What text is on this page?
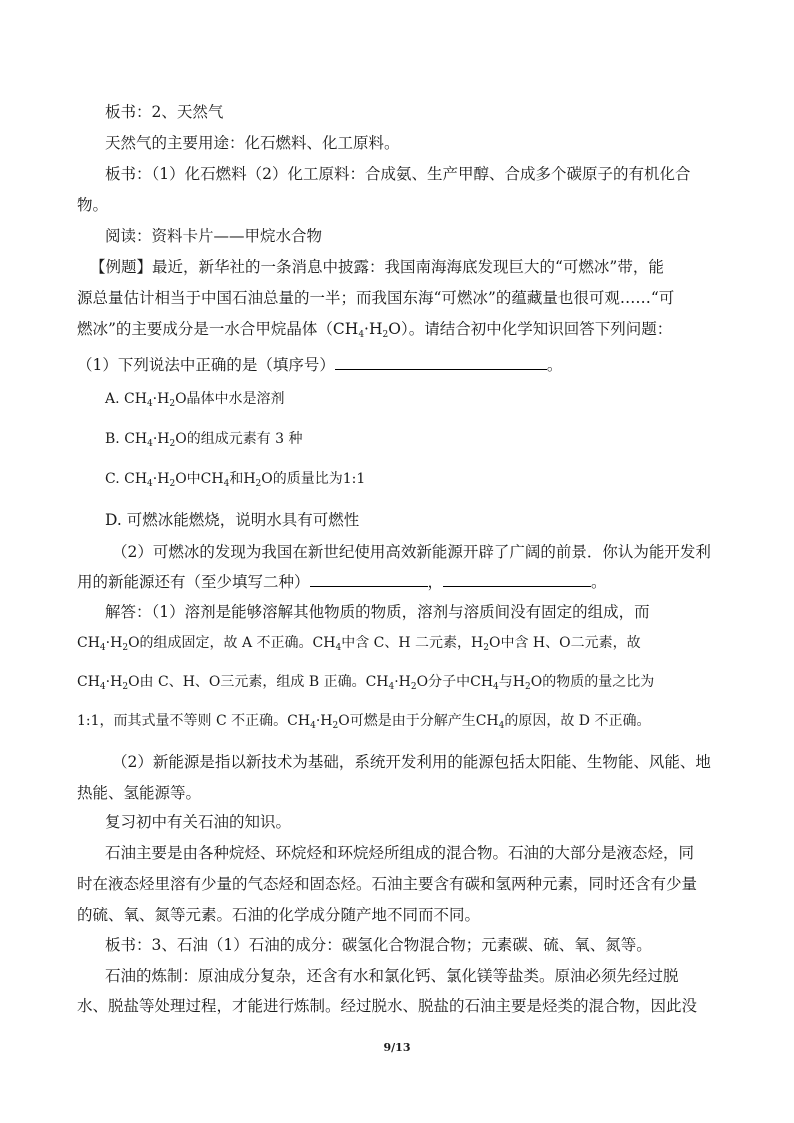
板书：2、天然气
天然气的主要用途：化石燃料、化工原料。
板书：（1）化石燃料（2）化工原料：合成氨、生产甲醇、合成多个碳原子的有机化合
物。
阅读：资料卡片——甲烷水合物
【例题】最近，新华社的一条消息中披露：我国南海海底发现巨大的“可燃冰”带，能
源总量估计相当于中国石油总量的一半；而我国东海“可燃冰”的蕴藏量也很可观……“可
燃冰”的主要成分是一水合甲烷晶体$(CH_4\cdot H_2O)$。请结合初中化学知识回答下列问题：
（1）下列说法中正确的是（填序号）	。
A. $CH_4\cdot H_2O$晶体中水是溶剂
B. $CH_4\cdot H_2O$的组成元素有 3 种
C. $CH_4\cdot H_2O$中$CH_4$和$H_2O$的质量比为1:1
D. 可燃冰能燃烧，说明水具有可燃性
（2）可燃冰的发现为我国在新世纪使用高效新能源开辟了广阔的前景．你认为能开发利
用的新能源还有（至少填写二种）	，	。
解答：（1）溶剂是能够溶解其他物质的物质，溶剂与溶质间没有固定的组成，而
$CH_4\cdot H_2O$的组成固定，故 A 不正确。$CH_4$中含 C、H 二元素，$H_2O$中含 H、O二元素，故
$CH_4\cdot H_2O$由 C、H、O三元素，组成 B 正确。$CH_4\cdot H_2O$分子中$CH_4$与$H_2O$的物质的量之比为
1:1，而其式量不等则 C 不正确。$CH_4\cdot H_2O$可燃是由于分解产生$CH_4$的原因，故 D 不正确。
（2）新能源是指以新技术为基础，系统开发利用的能源包括太阳能、生物能、风能、地
热能、氢能源等。
复习初中有关石油的知识。
石油主要是由各种烷烃、环烷烃和环烷烃所组成的混合物。石油的大部分是液态烃，同
时在液态烃里溶有少量的气态烃和固态烃。石油主要含有碳和氢两种元素，同时还含有少量
的硫、氧、氮等元素。石油的化学成分随产地不同而不同。
板书：3、石油（1）石油的成分：碳氢化合物混合物；元素碳、硫、氧、氮等。
石油的炼制：原油成分复杂，还含有水和氯化钙、氯化镁等盐类。原油必须先经过脱
水、脱盐等处理过程，才能进行炼制。经过脱水、脱盐的石油主要是烃类的混合物，因此没
9/13
